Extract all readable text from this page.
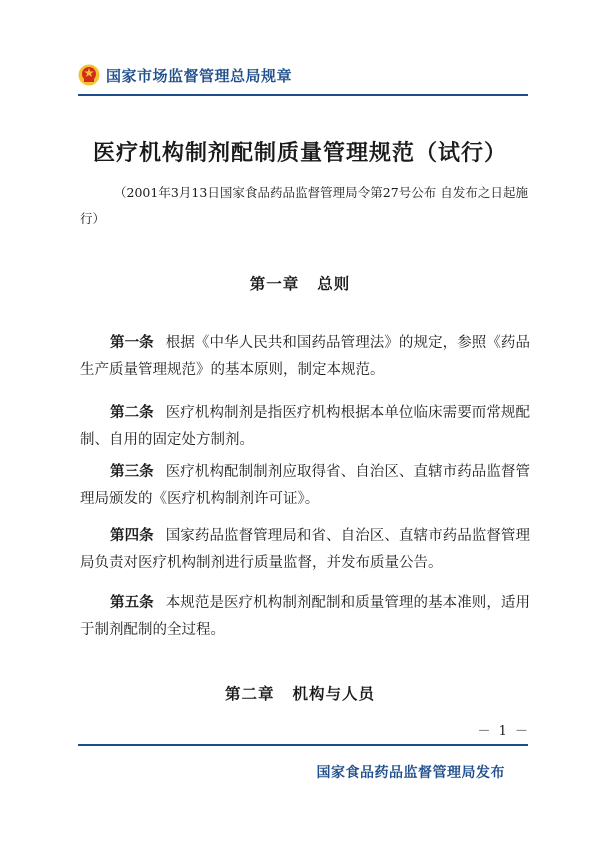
国家市场监督管理总局规章
医疗机构制剂配制质量管理规范（试行）
（2001年3月13日国家食品药品监督管理局令第27号公布 自发布之日起施行）
第一章 总则
第一条 根据《中华人民共和国药品管理法》的规定，参照《药品生产质量管理规范》的基本原则，制定本规范。
第二条 医疗机构制剂是指医疗机构根据本单位临床需要而常规配制、自用的固定处方制剂。
第三条 医疗机构配制制剂应取得省、自治区、直辖市药品监督管理局颁发的《医疗机构制剂许可证》。
第四条 国家药品监督管理局和省、自治区、直辖市药品监督管理局负责对医疗机构制剂进行质量监督，并发布质量公告。
第五条 本规范是医疗机构制剂配制和质量管理的基本准则，适用于制剂配制的全过程。
第二章 机构与人员
－ 1 －
国家食品药品监督管理局发布
